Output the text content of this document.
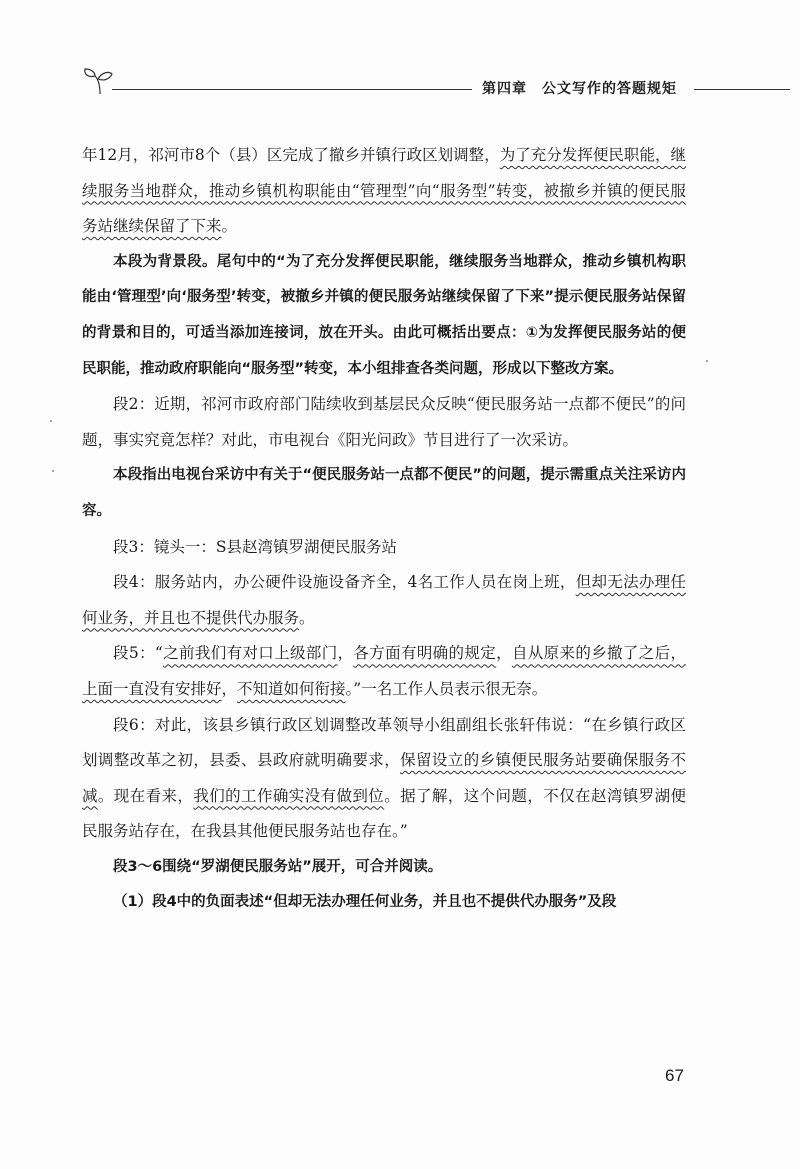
第四章  公文写作的答题规矩

年12月，祁河市8个（县）区完成了撤乡并镇行政区划调整，为了充分发挥便民职能，继续服务当地群众，推动乡镇机构职能由“管理型”向“服务型”转变，被撤乡并镇的便民服务站继续保留了下来。

本段为背景段。尾句中的“为了充分发挥便民职能，继续服务当地群众，推动乡镇机构职能由‘管理型’向‘服务型’转变，被撤乡并镇的便民服务站继续保留了下来”提示便民服务站保留的背景和目的，可适当添加连接词，放在开头。由此可概括出要点：①为发挥便民服务站的便民职能，推动政府职能向“服务型”转变，本小组排查各类问题，形成以下整改方案。

段2：近期，祁河市政府部门陆续收到基层民众反映“便民服务站一点都不便民”的问题，事实究竟怎样？对此，市电视台《阳光问政》节目进行了一次采访。

本段指出电视台采访中有关于“便民服务站一点都不便民”的问题，提示需重点关注采访内容。

段3：镜头一：S县赵湾镇罗湖便民服务站

段4：服务站内，办公硬件设施设备齐全，4名工作人员在岗上班，但却无法办理任何业务，并且也不提供代办服务。

段5：“之前我们有对口上级部门，各方面有明确的规定，自从原来的乡撤了之后，上面一直没有安排好，不知道如何衔接。”一名工作人员表示很无奈。

段6：对此，该县乡镇行政区划调整改革领导小组副组长张轩伟说：“在乡镇行政区划调整改革之初，县委、县政府就明确要求，保留设立的乡镇便民服务站要确保服务不减。现在看来，我们的工作确实没有做到位。据了解，这个问题，不仅在赵湾镇罗湖便民服务站存在，在我县其他便民服务站也存在。”

段3～6围绕“罗湖便民服务站”展开，可合并阅读。

（1）段4中的负面表述“但却无法办理任何业务，并且也不提供代办服务”及段

67
